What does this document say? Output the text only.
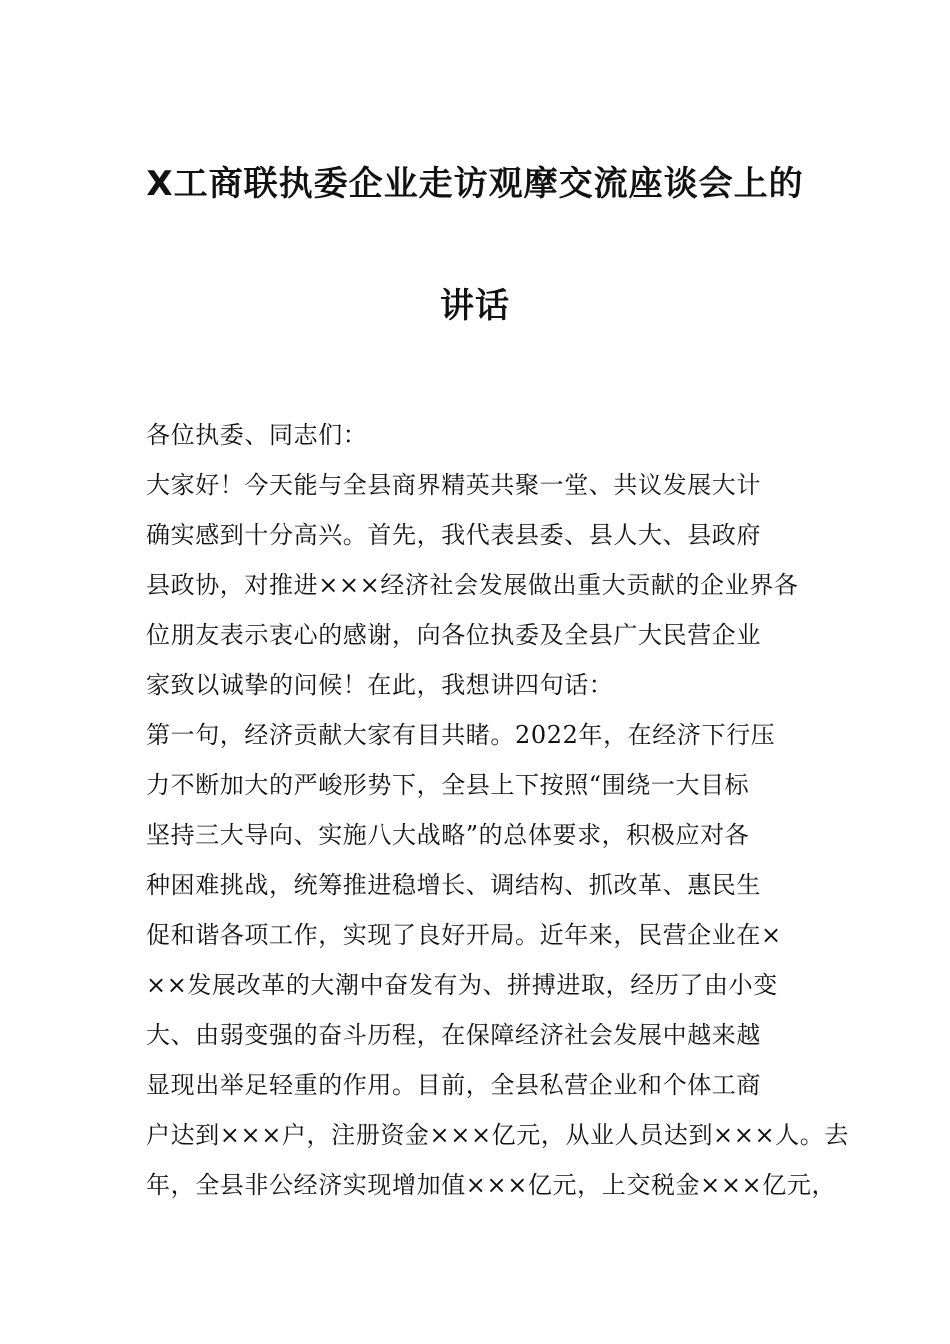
X工商联执委企业走访观摩交流座谈会上的
讲话
各位执委、同志们：
大家好！今天能与全县商界精英共聚一堂、共议发展大计
确实感到十分高兴。首先，我代表县委、县人大、县政府
县政协，对推进×××经济社会发展做出重大贡献的企业界各
位朋友表示衷心的感谢，向各位执委及全县广大民营企业
家致以诚挚的问候！在此，我想讲四句话：
第一句，经济贡献大家有目共睹。2022年，在经济下行压
力不断加大的严峻形势下，全县上下按照“围绕一大目标
坚持三大导向、实施八大战略”的总体要求，积极应对各
种困难挑战，统筹推进稳增长、调结构、抓改革、惠民生
促和谐各项工作，实现了良好开局。近年来，民营企业在×
××发展改革的大潮中奋发有为、拼搏进取，经历了由小变
大、由弱变强的奋斗历程，在保障经济社会发展中越来越
显现出举足轻重的作用。目前，全县私营企业和个体工商
户达到×××户，注册资金×××亿元，从业人员达到×××人。去
年，全县非公经济实现增加值×××亿元，上交税金×××亿元，
